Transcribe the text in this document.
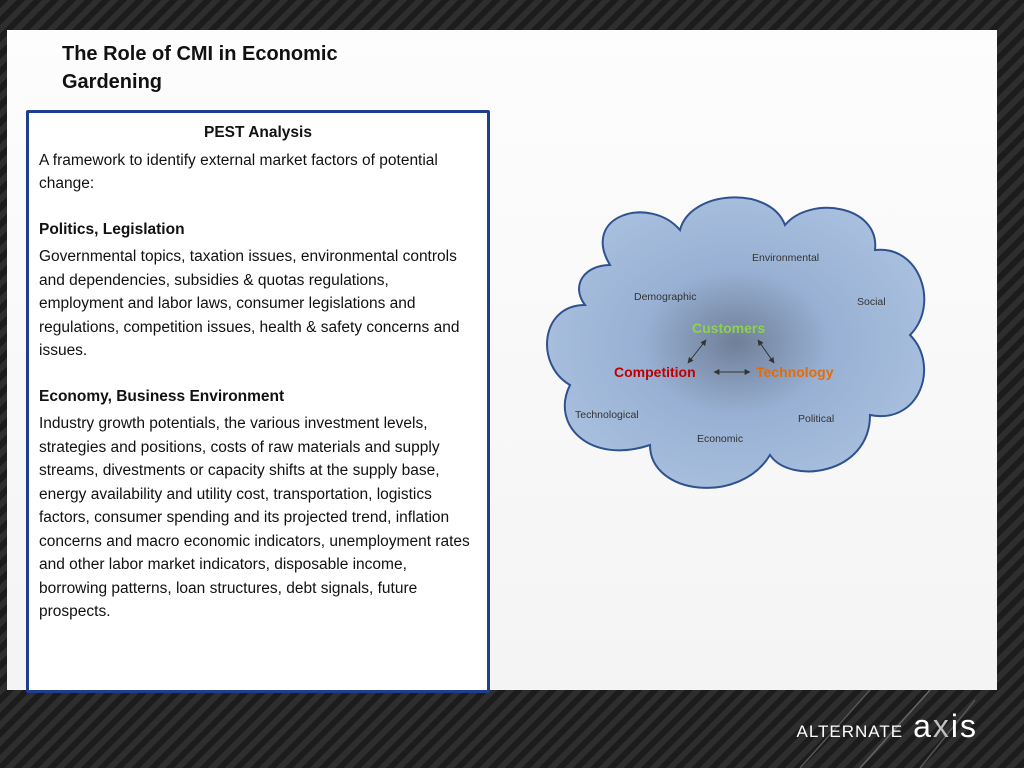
The Role of CMI in Economic Gardening

PEST Analysis

A framework to identify external market factors of potential change:

Politics, Legislation

Governmental topics, taxation issues, environmental controls and dependencies, subsidies & quotas regulations, employment and labor laws, consumer legislations and regulations, competition issues, health & safety concerns and issues.

Economy, Business Environment

Industry growth potentials, the various investment levels, strategies and positions, costs of raw materials and supply streams, divestments or capacity shifts at the supply base, energy availability and utility cost, transportation, logistics factors, consumer spending and its projected trend, inflation concerns and macro economic indicators, unemployment rates and other labor market indicators, disposable income, borrowing patterns, loan structures, debt signals, future prospects.

Environmental
Demographic	Social
Technological	Political
Economic
Customers
Competition	Technology
ALTERNATE axis
